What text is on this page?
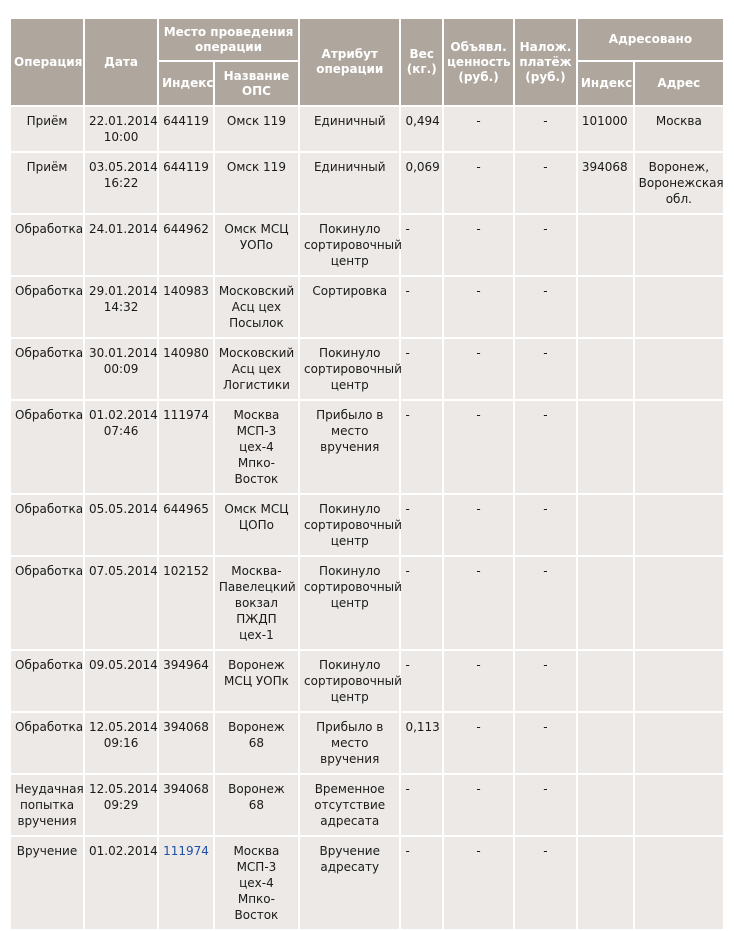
Операция	Дата	Место проведения операции		Атрибут операции	Вес (кг.)	Объявл. ценность (руб.)	Налож. платёж (руб.)	Адресовано	
		Индекс	Название ОПС					Индекс	Адрес
Приём	22.01.2014 10:00	644119	Омск 119	Единичный	0,494	-	-	101000	Москва
Приём	03.05.2014 16:22	644119	Омск 119	Единичный	0,069	-	-	394068	Воронеж, Воронежская обл.
Обработка	24.01.2014	644962	Омск МСЦ УОПо	Покинуло сортировочный центр	-	-	-		
Обработка	29.01.2014 14:32	140983	Московский Асц цех Посылок	Сортировка	-	-	-		
Обработка	30.01.2014 00:09	140980	Московский Асц цех Логистики	Покинуло сортировочный центр	-	-	-		
Обработка	01.02.2014 07:46	111974	Москва МСП-3 цех-4 Мпко-Восток	Прибыло в место вручения	-	-	-		
Обработка	05.05.2014	644965	Омск МСЦ ЦОПо	Покинуло сортировочный центр	-	-	-		
Обработка	07.05.2014	102152	Москва-Павелецкий вокзал ПЖДП цех-1	Покинуло сортировочный центр	-	-	-		
Обработка	09.05.2014	394964	Воронеж МСЦ УОПк	Покинуло сортировочный центр	-	-	-		
Обработка	12.05.2014 09:16	394068	Воронеж 68	Прибыло в место вручения	0,113	-	-		
Неудачная попытка вручения	12.05.2014 09:29	394068	Воронеж 68	Временное отсутствие адресата	-	-	-		
Вручение	01.02.2014	111974	Москва МСП-3 цех-4 Мпко-Восток	Вручение адресату	-	-	-		
